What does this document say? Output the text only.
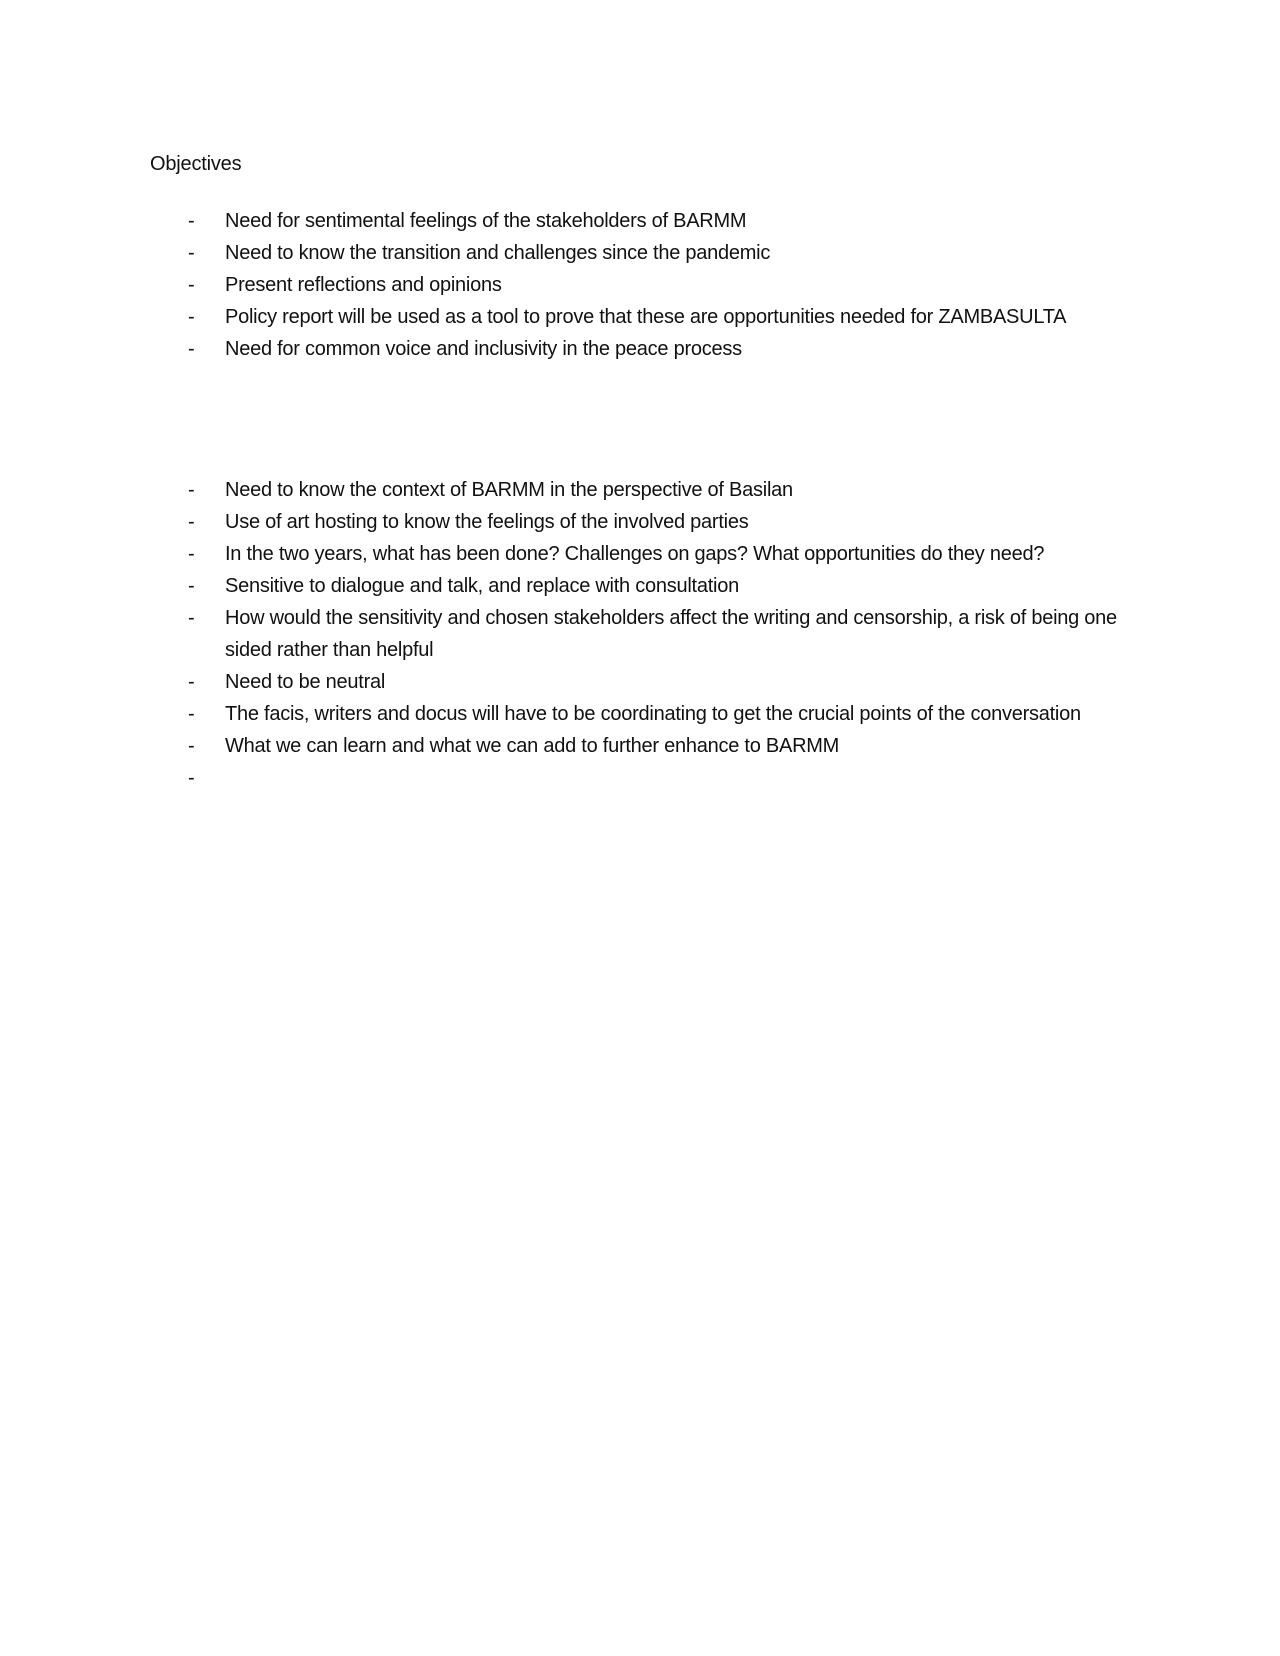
Objectives
- Need for sentimental feelings of the stakeholders of BARMM
- Need to know the transition and challenges since the pandemic
- Present reflections and opinions
- Policy report will be used as a tool to prove that these are opportunities needed for ZAMBASULTA
- Need for common voice and inclusivity in the peace process
- Need to know the context of BARMM in the perspective of Basilan
- Use of art hosting to know the feelings of the involved parties
- In the two years, what has been done? Challenges on gaps? What opportunities do they need?
- Sensitive to dialogue and talk, and replace with consultation
- How would the sensitivity and chosen stakeholders affect the writing and censorship, a risk of being one sided rather than helpful
- Need to be neutral
- The facis, writers and docus will have to be coordinating to get the crucial points of the conversation
- What we can learn and what we can add to further enhance to BARMM
-
